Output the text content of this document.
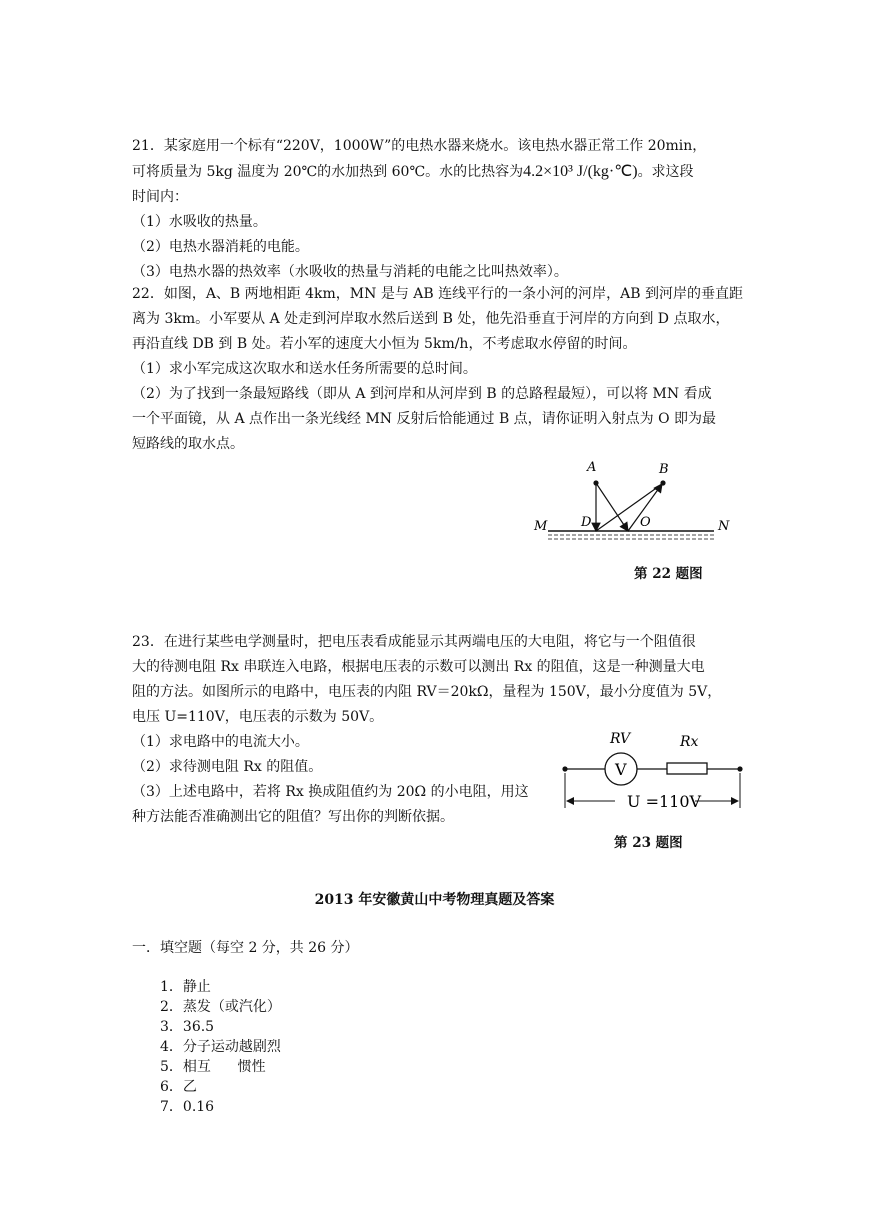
21．某家庭用一个标有“220V，1000W”的电热水器来烧水。该电热水器正常工作 20min，
可将质量为 5kg 温度为 20℃的水加热到 60℃。水的比热容为4.2×10³ J/(kg·℃)。求这段
时间内：
（1）水吸收的热量。
（2）电热水器消耗的电能。
（3）电热水器的热效率（水吸收的热量与消耗的电能之比叫热效率）。
22．如图，A、B 两地相距 4km，MN 是与 AB 连线平行的一条小河的河岸，AB 到河岸的垂直距
离为 3km。小军要从 A 处走到河岸取水然后送到 B 处，他先沿垂直于河岸的方向到 D 点取水，
再沿直线 DB 到 B 处。若小军的速度大小恒为 5km/h，不考虑取水停留的时间。
（1）求小军完成这次取水和送水任务所需要的总时间。
（2）为了找到一条最短路线（即从 A 到河岸和从河岸到 B 的总路程最短），可以将 MN 看成
一个平面镜，从 A 点作出一条光线经 MN 反射后恰能通过 B 点，请你证明入射点为 O 即为最
短路线的取水点。
A	B
M	N
D	O
第 22 题图
23．在进行某些电学测量时，把电压表看成能显示其两端电压的大电阻，将它与一个阻值很
大的待测电阻 Rx 串联连入电路，根据电压表的示数可以测出 Rx 的阻值，这是一种测量大电
阻的方法。如图所示的电路中，电压表的内阻 RV＝20kΩ，量程为 150V，最小分度值为 5V，
电压 U=110V，电压表的示数为 50V。
（1）求电路中的电流大小。
（2）求待测电阻 Rx 的阻值。
（3）上述电路中，若将 Rx 换成阻值约为 20Ω 的小电阻，用这
种方法能否准确测出它的阻值？写出你的判断依据。
V
RV	Rx
U =110V
第 23 题图
2013 年安徽黄山中考物理真题及答案
一．填空题（每空 2 分，共 26 分）
1．静止
2．蒸发（或汽化）
3．36.5
4．分子运动越剧烈
5．相互      惯性
6．乙
7．0.16
